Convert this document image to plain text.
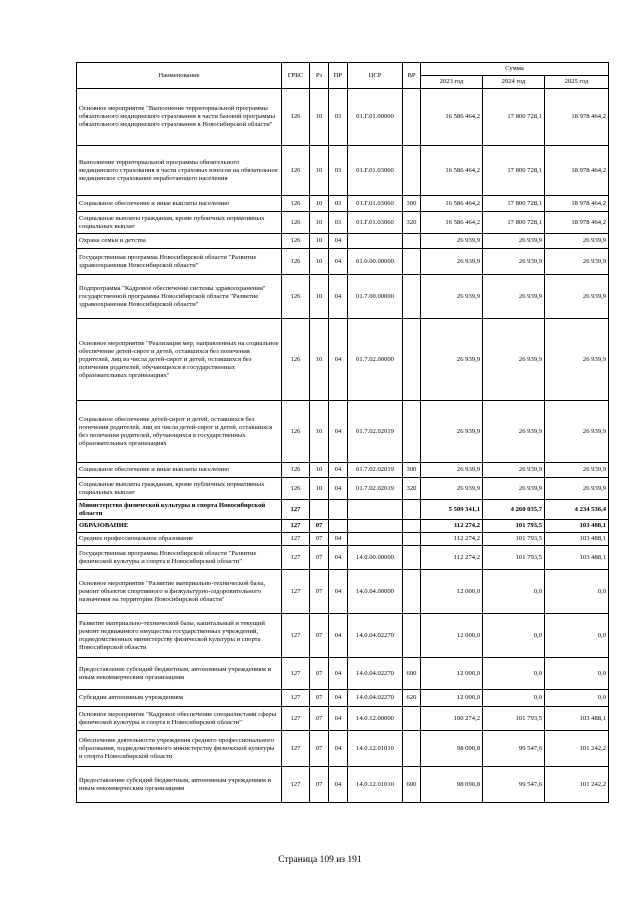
Наименование	ГРБС	Рз	ПР	ЦСР	ВР	Сумма		
						2023 год	2024 год	2025 год
Основное мероприятие "Выполнение территориальной программы обязательного медицинского страхования в части базовой программы обязательного медицинского страхования в Новосибирской области"	126	10	03	01.Г.01.00000		16 586 464,2	17 800 728,1	18 978 464,2
Выполнение территориальной программы обязательного медицинского страхования в части страховых взносов на обязательное медицинское страхование неработающего населения	126	10	03	01.Г.01.03060		16 586 464,2	17 800 728,1	18 978 464,2
Социальное обеспечение и иные выплаты населению	126	10	03	01.Г.01.03060	300	16 586 464,2	17 800 728,1	18 978 464,2
Социальные выплаты гражданам, кроме публичных нормативных социальных выплат	126	10	03	01.Г.01.03060	320	16 586 464,2	17 800 728,1	18 978 464,2
Охрана семьи и детства	126	10	04			26 939,9	26 939,9	26 939,9
Государственная программа Новосибирской области "Развитие здравоохранения Новосибирской области"	126	10	04	01.0.00.00000		26 939,9	26 939,9	26 939,9
Подпрограмма "Кадровое обеспечение системы здравоохранения" государственной программы Новосибирской области "Развитие здравоохранения Новосибирской области"	126	10	04	01.7.00.00000		26 939,9	26 939,9	26 939,9
Основное мероприятие "Реализация мер, направленных на социальное обеспечение детей-сирот и детей, оставшихся без попечения родителей, лиц из числа детей-сирот и детей, оставшихся без попечения родителей, обучающихся в государственных образовательных организациях"	126	10	04	01.7.02.00000		26 939,9	26 939,9	26 939,9
Социальное обеспечение детей-сирот и детей, оставшихся без попечения родителей, лиц из числа детей-сирот и детей, оставшихся без попечения родителей, обучающихся в государственных образовательных организациях	126	10	04	01.7.02.02019		26 939,9	26 939,9	26 939,9
Социальное обеспечение и иные выплаты населению	126	10	04	01.7.02.02019	300	26 939,9	26 939,9	26 939,9
Социальные выплаты гражданам, кроме публичных нормативных социальных выплат	126	10	04	01.7.02.02019	320	26 939,9	26 939,9	26 939,9
Министерство физической культуры и спорта Новосибирской области	127					5 509 341,1	4 260 035,7	4 234 536,4
ОБРАЗОВАНИЕ	127	07				112 274,2	101 793,5	103 488,1
Среднее профессиональное образование	127	07	04			112 274,2	101 793,5	103 488,1
Государственная программа Новосибирской области "Развитие физической культуры и спорта в Новосибирской области"	127	07	04	14.0.00.00000		112 274,2	101 793,5	103 488,1
Основное мероприятие "Развитие материально-технической базы, ремонт объектов спортивного и физкультурно-оздоровительного назначения на территории Новосибирской области"	127	07	04	14.0.04.00000		12 000,0	0,0	0,0
Развитие материально-технической базы, капитальный и текущий ремонт недвижимого имущества государственных учреждений, подведомственных министерству физической культуры и спорта Новосибирской области	127	07	04	14.0.04.02270		12 000,0	0,0	0,0
Предоставление субсидий бюджетным, автономным учреждениям и иным некоммерческим организациям	127	07	04	14.0.04.02270	600	12 000,0	0,0	0,0
Субсидии автономным учреждениям	127	07	04	14.0.04.02270	620	12 000,0	0,0	0,0
Основное мероприятие "Кадровое обеспечение специалистами сферы физической культуры и спорта в Новосибирской области"	127	07	04	14.0.12.00000		100 274,2	101 793,5	103 488,1
Обеспечение деятельности учреждения среднего профессионального образования, подведомственного министерству физической культуры и спорта Новосибирской области	127	07	04	14.0.12.01010		98 090,8	99 547,6	101 242,2
Предоставление субсидий бюджетным, автономным учреждениям и иным некоммерческим организациям	127	07	04	14.0.12.01010	600	98 090,8	99 547,6	101 242,2
Страница 109 из 191
